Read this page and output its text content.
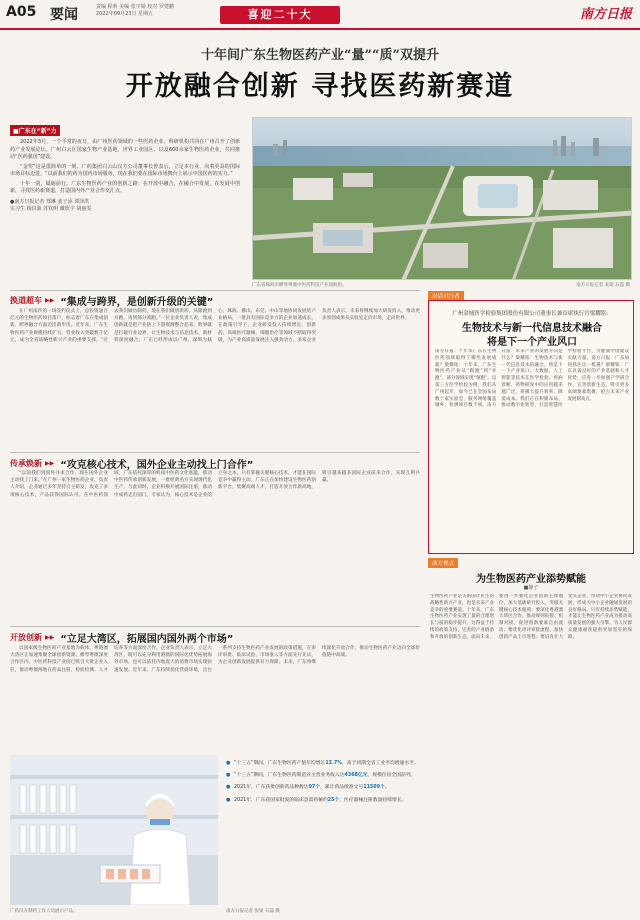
A05 要闻	责编 程莉 美编 张宇婧 校对 罗建鹏
2022年09月23日 星期五	喜迎二十大	南方日报
十年间广东生物医药产业“量”“质”双提升
开放融合创新 寻找医药新赛道
■广东在“新”力
2022年3月，一个平常的夜日，由广州医药领域的一些医药企业、科研机构共同在广州召开了创新药产业发展论坛。广州白云区国家生物产业基地，世界工业园区、以及600余家生物医药企业，共同推动“医药强国”建设。
“金奖”这是很简单的一刻。广药集团白云山汉方公司董事长曾表示，立足本行业，向着更高的国际市场目标迈进。“以前我们的药为国内市场服务，现在我们要在国际市场舞台上展示中国医药的实力。”
十年一剑，砥砺前行。广东生物医药产业的创新之路：在开放中融合，在融合中发展，在发展中创新，寻找医药新赛道，打造国内外产业合作交汇点。
●南方日报记者 郑琳 姜子添 谭泽洪
实习生 杨洪源 苏钦明 戴欣宇 胡丽雯
广东省珠海市横琴粤澳中医药科技产业园航拍。	南方日报记者 张梁 石磊 摄
换道超车 ▶▶ “集成与跨界，是创新升级的关键”
在广州南沙的一场签约仪式上，总投资逾百亿元的生物医药项目落户，标志着广东在集成创新、跨界融合方面迈出新步伐。近年来，广东生物医药产业规模持续扩大，营业收入突破数千亿元，成为全省战略性新兴产业的重要支撑。“过去我们做仿制药，现在我们做创新药，从跟跑到并跑，再到部分领跑。”一位企业负责人说，集成创新就是把产业链上下游资源整合起来，跨界就是打破行业边界，让生物技术与信息技术、新材料深度融合。广东已经形成以广州、深圳为核心，珠海、佛山、东莞、中山等地协同发展的产业格局，一批具有国际竞争力的企业加速成长。在政策引导下，企业研发投入持续增长，创新药、高端医疗器械、细胞治疗等领域不断取得突破，为产业高质量发展注入强劲动力。多家企业负责人表示，未来将继续加大研发投入，推动更多原创成果从实验室走向市场，走向世界。
传承焕新 ▶▶ “攻克核心技术，国外企业主动找上门合作”
“以前我们到国外寻求合作，现在国外企业主动找上门来。”在广州一家生物医药企业，负责人介绍，企业通过多年坚持自主研发，攻克了多项核心技术，产品获得国际认可。在中医药领域，广东依托深厚的岭南中医药文化底蕴，推动中医药传承创新发展，一批经典名方实现现代化生产。与此同时，企业积极开展国际注册，推动中成药走出国门。专家认为，核心技术是企业的立身之本，只有掌握关键核心技术，才能在国际竞争中赢得主动。广东正在加快建设生物医药创新平台，集聚高端人才，打造开放合作新高地，吸引越来越多国际企业前来合作，实现互利共赢。
开放创新 ▶▶ “立足大湾区，拓展国内国外两个市场”
以国家级生物医药产业基地为载体，粤港澳大湾区正加速集聚全球创新资源。横琴粤澳深度合作区内，中医药科技产业园已吸引大批企业入驻，推动粤澳两地在药品注册、检验检测、人才培养等方面深度合作。企业负责人表示，立足大湾区，既可以充分利用港澳的国际化优势拓展海外市场，也可以依托内地庞大的消费市场实现快速发展。近年来，广东持续优化营商环境，出台一系列支持生物医药产业发展的政策措施，在审评审批、临床试验、市场准入等方面先行先试，为企业创新发展提供有力保障。未来，广东将继续深化开放合作，推动生物医药产业迈向全球价值链中高端。
广药汉方制药工作人员展示产品。
● “十三五”期间，广东生物医药产值年均增长13.7%，高于同期全省工业平均增速水平。
● “十三五”期间，广东生物医药制造业主营业务收入达4368亿元，规模位居全国前列。
● 2021年，广东获批创新药品种数达97个，累计药品批准文号11509个。
● 2021年，广东获国家批复的临床急需药械约25个，医疗器械注册数量持续增长。
南方日报记者 张梁 石磊 摄
对话可行者
广州金域医学检验集团股份有限公司董事长兼首席执行官梁耀铭：
生物技术与新一代信息技术融合
将是下一个产业风口
南方日报：十年来广东在生物医药领域取得了哪些发展成就？梁耀铭：十年来，广东生物医药产业从“跟跑”到“并跑”，部分领域实现“领跑”。以第三方医学检验为例，我们从广州起步，如今已在全国布局数十家实验室，服务网络覆盖城乡，检测项目数千项。南方日报：未来产业的发展方向是什么？梁耀铭：生物技术与新一代信息技术的融合，将是下一个产业风口。大数据、人工智能等技术在医学检验、疾病诊断、药物研发中的应用越来越广泛，将极大提升效率、降低成本。我们正在积极布局，推动数字化转型，打造智慧医学检验平台，为健康中国建设贡献力量。南方日报：广东如何抓住这一机遇？梁耀铭：广东具备良好的产业基础和人才优势，应进一步加强产学研合作，完善创新生态，吸引更多高端要素集聚，抢占未来产业发展制高点。
南方视点
为生物医药产业添势赋能
■静子
生物医药产业是关系国计民生的战略性新兴产业，也是未来产业竞争的重要赛道。十年来，广东生物医药产业实现了量的合理增长与质的稳步提升，这得益于持续的政策支持、完善的产业链条和开放的创新生态。面向未来，要进一步强化企业创新主体地位，加大基础研究投入，突破关键核心技术瓶颈；要深化粤港澳大湾区合作，推动规则衔接、机制对接，促进创新要素自由流动；要优化审评审批流程，加快创新产品上市进程；要培育壮大龙头企业，带动中小企业协同发展，形成大中小企业融通发展的良好格局。只有持续添势赋能，才能让生物医药产业成为推动高质量发展的强大引擎，为人民群众健康福祉提供更加坚实的保障。
